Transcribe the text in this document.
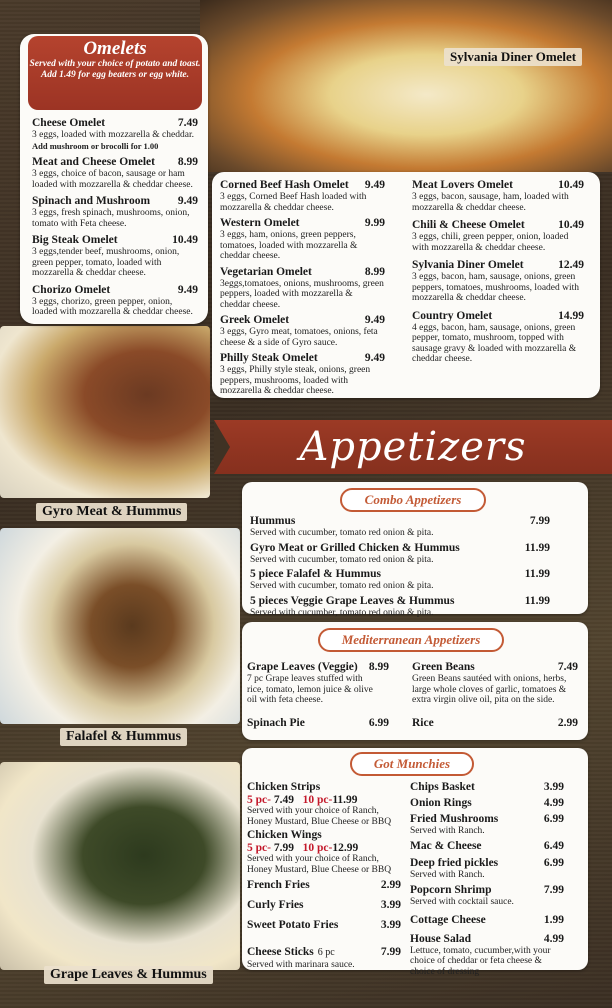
Sylvania Diner Omelet
Gyro Meat & Hummus
Falafel & Hummus
Grape Leaves & Hummus
Omelets
Served with your choice of potato and toast. Add 1.49 for egg beaters or egg white.
Cheese Omelet	7.49
3 eggs, loaded with mozzarella & cheddar.
Add mushroom or brocolli for 1.00
Meat and Cheese Omelet 8.99
3 eggs, choice of bacon, sausage or ham loaded with mozzarella & cheddar cheese.
Spinach and Mushroom 9.49
3 eggs, fresh spinach, mushrooms, onion, tomato with Feta cheese.
Big Steak Omelet	10.49
3 eggs,tender beef, mushrooms, onion, green pepper, tomato, loaded with mozzarella & cheddar cheese.
Chorizo Omelet	9.49
3 eggs, chorizo, green pepper, onion, loaded with mozzarella & cheddar cheese.
Corned Beef Hash Omelet 9.49
3 eggs, Corned Beef Hash loaded with mozzarella & cheddar cheese.
Western Omelet	9.99
3 eggs, ham, onions, green peppers, tomatoes, loaded with mozzarella & cheddar cheese.
Vegetarian Omelet	8.99
3eggs,tomatoes, onions, mushrooms, green peppers, loaded with mozzarella & cheddar cheese.
Greek Omelet	9.49
3 eggs, Gyro meat, tomatoes, onions, feta cheese & a side of Gyro sauce.
Philly Steak Omelet	9.49
3 eggs, Philly style steak, onions, green peppers, mushrooms, loaded with mozzarella & cheddar cheese.
Meat Lovers Omelet	10.49
3 eggs, bacon, sausage, ham, loaded with mozzarella & cheddar cheese.
Chili & Cheese Omelet	10.49
3 eggs, chili, green pepper, onion, loaded with mozzarella & cheddar cheese.
Sylvania Diner Omelet	12.49
3 eggs, bacon, ham, sausage, onions, green peppers, tomatoes, mushrooms, loaded with mozzarella & cheddar cheese.
Country Omelet	14.99
4 eggs, bacon, ham, sausage, onions, green pepper, tomato, mushroom, topped with sausage gravy & loaded with mozzarella & cheddar cheese.
Appetizers
Combo Appetizers
Hummus	7.99
Served with cucumber, tomato red onion & pita.
Gyro Meat or Grilled Chicken & Hummus	11.99
Served with cucumber, tomato red onion & pita.
5 piece Falafel & Hummus	11.99
Served with cucumber, tomato red onion & pita.
5 pieces Veggie Grape Leaves & Hummus	11.99
Served with cucumber, tomato red onion & pita.
Mediterranean Appetizers
Grape Leaves (Veggie) 8.99
7 pc Grape leaves stuffed with rice, tomato, lemon juice & olive oil with feta cheese.
Green Beans	7.49
Green Beans sautéed with onions, herbs, large whole cloves of garlic, tomatoes & extra virgin olive oil, pita on the side.
Spinach Pie	6.99 Rice	2.99
Got Munchies
Chicken Strips
5 pc- 7.49 10 pc-11.99
Served with your choice of Ranch, Honey Mustard, Blue Cheese or BBQ
Chicken Wings
5 pc- 7.99 10 pc-12.99
Served with your choice of Ranch, Honey Mustard, Blue Cheese or BBQ
French Fries	2.99
Curly Fries	3.99
Sweet Potato Fries	3.99
Cheese Sticks 6 pc	7.99
Served with marinara sauce.
Chips Basket	3.99
Onion Rings	4.99
Fried Mushrooms	6.99
Served with Ranch.
Mac & Cheese	6.49
Deep fried pickles	6.99
Served with Ranch.
Popcorn Shrimp	7.99
Served with cocktail sauce.
Cottage Cheese	1.99
House Salad	4.99
Lettuce, tomato, cucumber,with your choice of cheddar or feta cheese & choice of dressing
